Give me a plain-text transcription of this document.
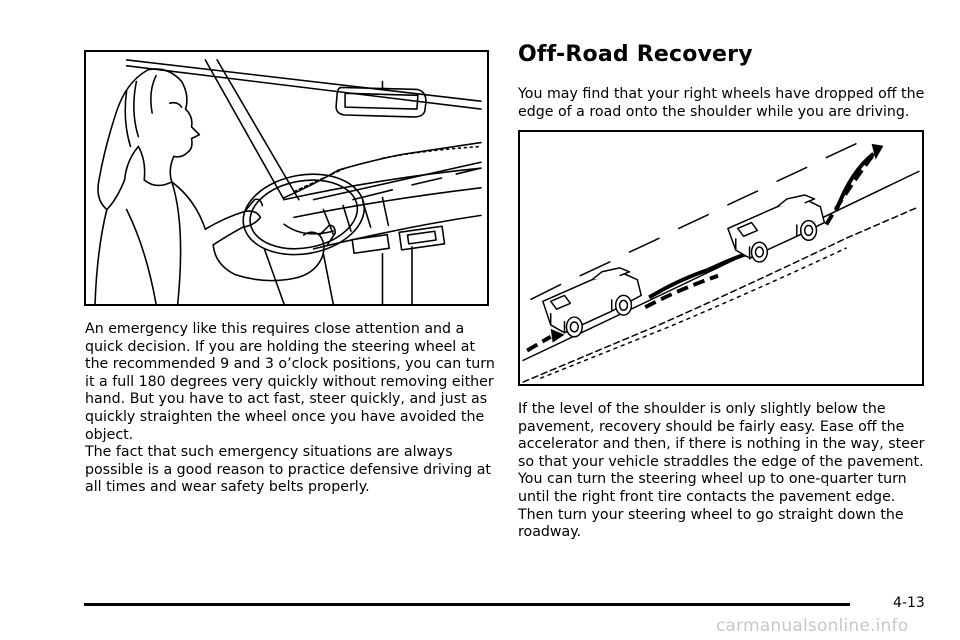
An emergency like this requires close attention and a quick decision. If you are holding the steering wheel at the recommended 9 and 3 o’clock positions, you can turn it a full 180 degrees very quickly without removing either hand. But you have to act fast, steer quickly, and just as quickly straighten the wheel once you have avoided the object.
The fact that such emergency situations are always possible is a good reason to practice defensive driving at all times and wear safety belts properly.
Off-Road Recovery
You may find that your right wheels have dropped off the edge of a road onto the shoulder while you are driving.
If the level of the shoulder is only slightly below the pavement, recovery should be fairly easy. Ease off the accelerator and then, if there is nothing in the way, steer so that your vehicle straddles the edge of the pavement. You can turn the steering wheel up to one-quarter turn until the right front tire contacts the pavement edge. Then turn your steering wheel to go straight down the roadway.
4-13
carmanualsonline.info
